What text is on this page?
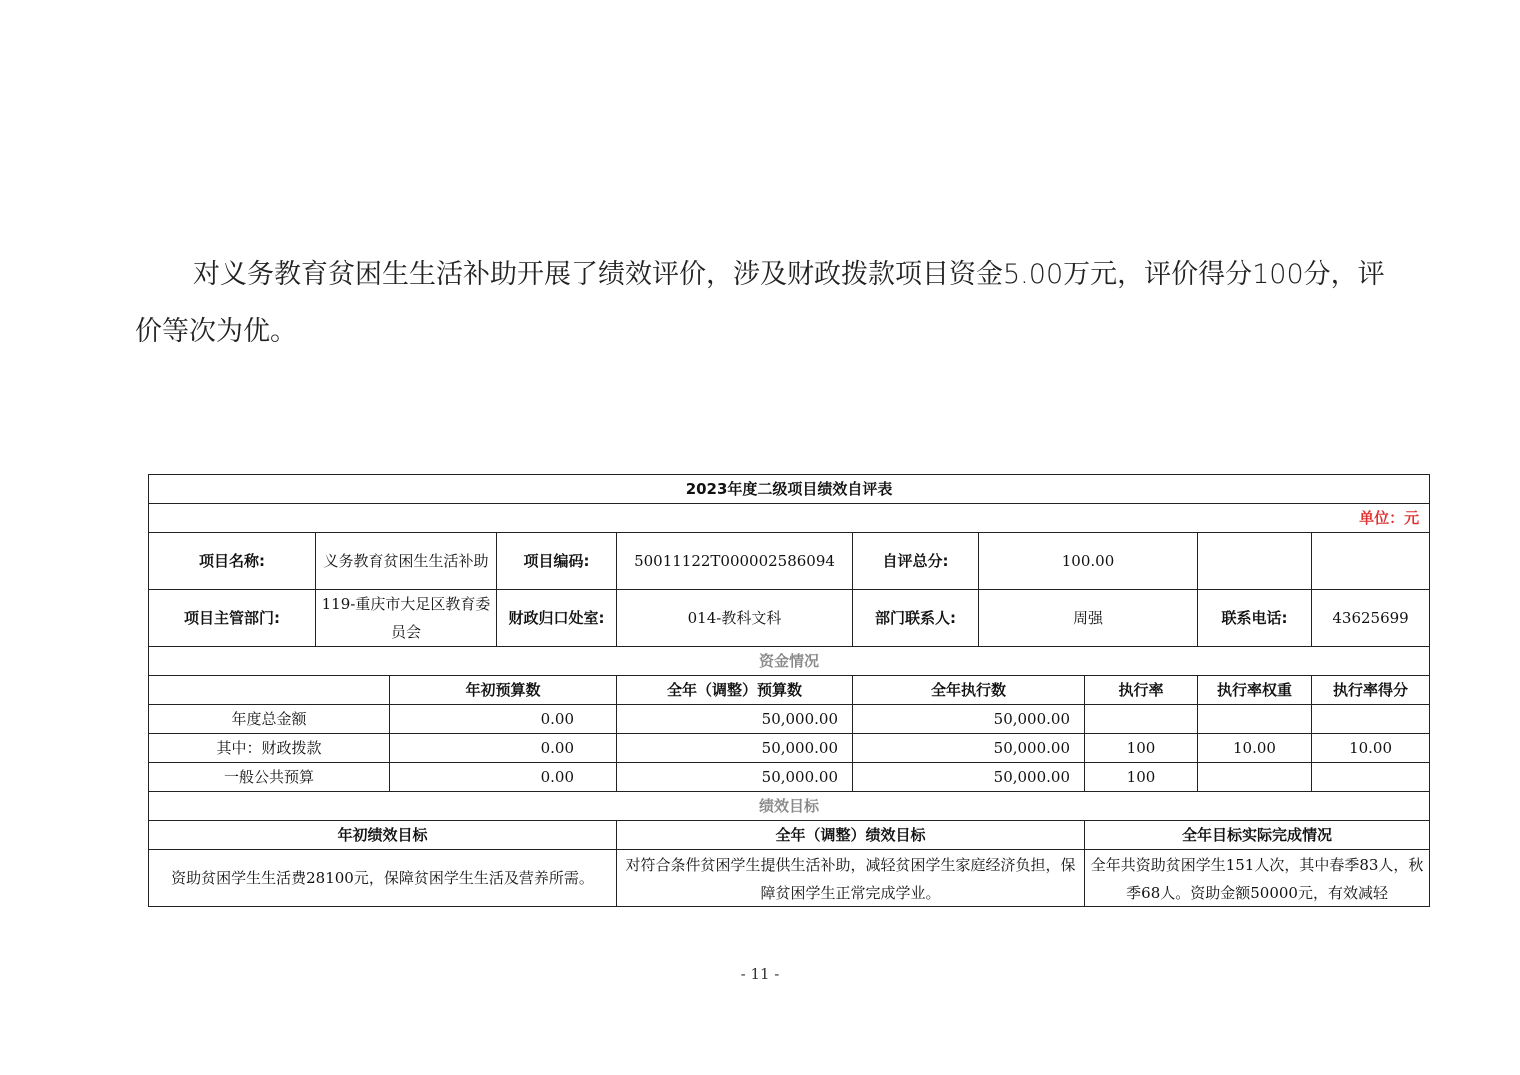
对义务教育贫困生生活补助开展了绩效评价，涉及财政拨款项目资金5.00万元，评价得分100分，评价等次为优。

2023年度二级项目绩效自评表									
单位：元									
项目名称:	义务教育贫困生生活补助		项目编码:	50011122T000002586094	自评总分:	100.00			
项目主管部门:	119-重庆市大足区教育委员会		财政归口处室:	014-教科文科	部门联系人:	周强		联系电话:	43625699
资金情况									
		年初预算数		全年（调整）预算数	全年执行数		执行率	执行率权重	执行率得分
年度总金额		0.00		50,000.00	50,000.00				
其中：财政拨款		0.00		50,000.00	50,000.00		100	10.00	10.00
一般公共预算		0.00		50,000.00	50,000.00		100		
绩效目标									
年初绩效目标				全年（调整）绩效目标			全年目标实际完成情况		
资助贫困学生生活费28100元，保障贫困学生生活及营养所需。				对符合条件贫困学生提供生活补助，减轻贫困学生家庭经济负担，保障贫困学生正常完成学业。			全年共资助贫困学生151人次，其中春季83人，秋季68人。资助金额50000元，有效减轻		
- 11 -
